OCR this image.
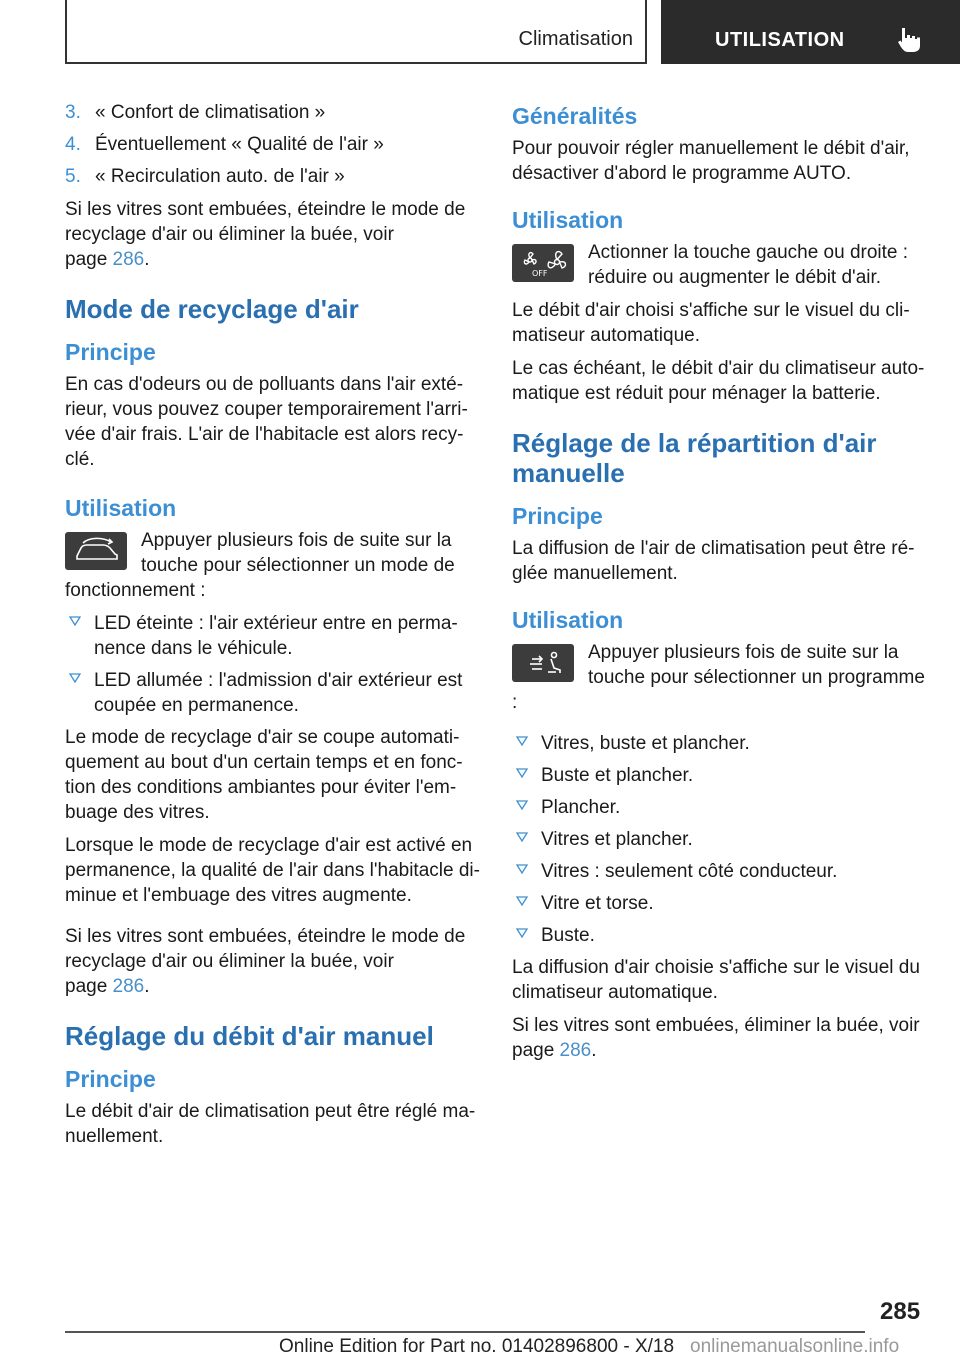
Climatisation	UTILISATION
3. « Confort de climatisation »
4. Éventuellement « Qualité de l'air »
5. « Recirculation auto. de l'air »

Si les vitres sont embuées, éteindre le mode de recyclage d'air ou éliminer la buée, voir
page 286.

Mode de recyclage d'air
Principe

En cas d'odeurs ou de polluants dans l'air extérieur, vous pouvez couper temporairement l'arrivée d'air frais. L'air de l'habitacle est alors recyclé.

Utilisation
Appuyer plusieurs fois de suite sur la touche pour sélectionner un mode de fonctionnement :
LED éteinte : l'air extérieur entre en permanence dans le véhicule.
LED allumée : l'admission d'air extérieur est coupée en permanence.

Le mode de recyclage d'air se coupe automatiquement au bout d'un certain temps et en fonction des conditions ambiantes pour éviter l'embuage des vitres.

Lorsque le mode de recyclage d'air est activé en permanence, la qualité de l'air dans l'habitacle diminue et l'embuage des vitres augmente.

Si les vitres sont embuées, éteindre le mode de recyclage d'air ou éliminer la buée, voir
page 286.

Réglage du débit d'air manuel
Principe

Le débit d'air de climatisation peut être réglé manuellement.

Généralités

Pour pouvoir régler manuellement le débit d'air, désactiver d'abord le programme AUTO.

Utilisation
OFF
Actionner la touche gauche ou droite : réduire ou augmenter le débit d'air.

Le débit d'air choisi s'affiche sur le visuel du climatiseur automatique.

Le cas échéant, le débit d'air du climatiseur automatique est réduit pour ménager la batterie.

Réglage de la répartition d'air manuelle
Principe

La diffusion de l'air de climatisation peut être réglée manuellement.

Utilisation
Appuyer plusieurs fois de suite sur la touche pour sélectionner un programme :
Vitres, buste et plancher.
Buste et plancher.
Plancher.
Vitres et plancher.
Vitres : seulement côté conducteur.
Vitre et torse.
Buste.

La diffusion d'air choisie s'affiche sur le visuel du climatiseur automatique.

Si les vitres sont embuées, éliminer la buée, voir
page 286.

285
Online Edition for Part no. 01402896800 - X/18 onlinemanualsonline.info
